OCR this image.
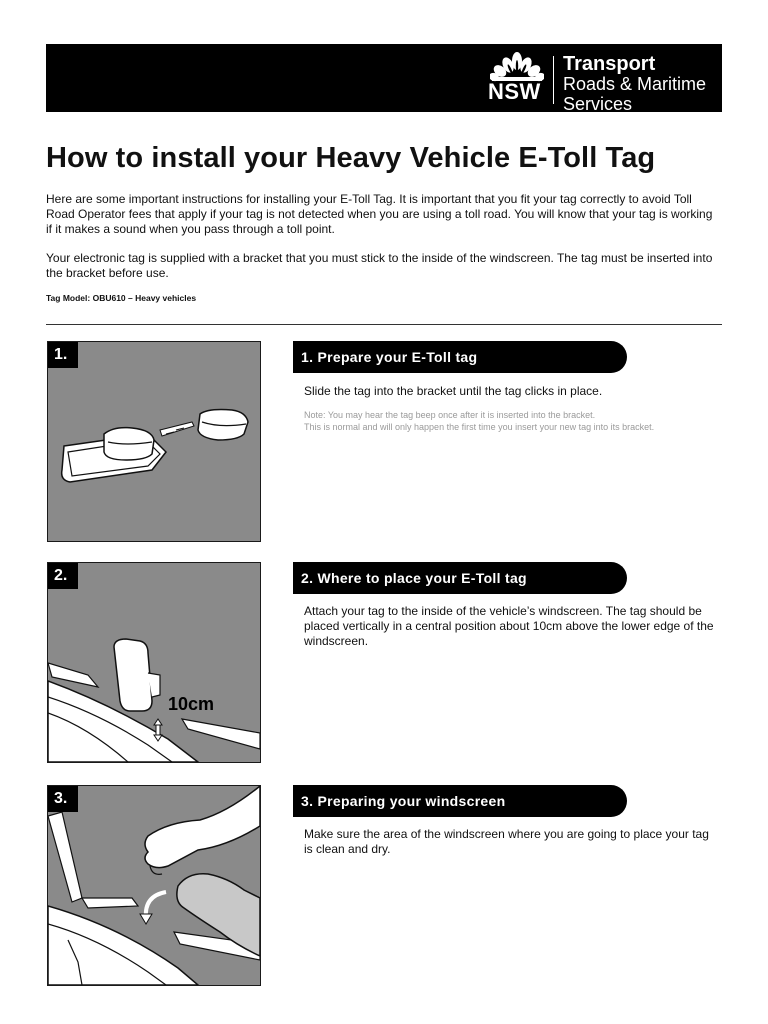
NSW
Transport
Roads & Maritime
Services
How to install your Heavy Vehicle E-Toll Tag

Here are some important instructions for installing your E-Toll Tag. It is important that you fit your tag correctly to avoid Toll Road Operator fees that apply if your tag is not detected when you are using a toll road. You will know that your tag is working if it makes a sound when you pass through a toll point.

Your electronic tag is supplied with a bracket that you must stick to the inside of the windscreen. The tag must be inserted into the bracket before use.

Tag Model: OBU610 – Heavy vehicles

1.	1. Prepare your E-Toll tag

Slide the tag into the bracket until the tag clicks in place.

Note: You may hear the tag beep once after it is inserted into the bracket.
This is normal and will only happen the first time you insert your new tag into its bracket.

10cm
2.	2. Where to place your E-Toll tag

Attach your tag to the inside of the vehicle’s windscreen. The tag should be placed vertically in a central position about 10cm above the lower edge of the windscreen.

3.	3. Preparing your windscreen

Make sure the area of the windscreen where you are going to place your tag is clean and dry.
